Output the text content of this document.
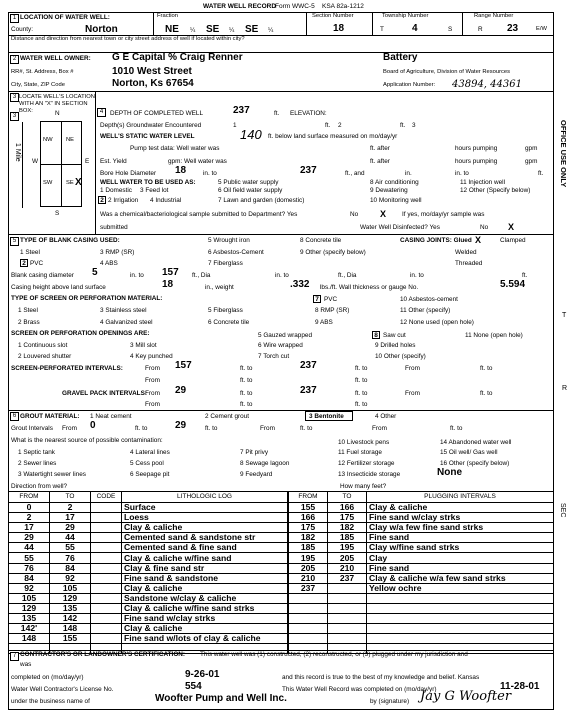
WATER WELL RECORD
Form WWC-5 KSA 82a-1212
1 LOCATION OF WATER WELL:
County:	Norton
Fraction
NE ¼ SE ¼ SE ¼
Section Number
18
Township Number
T	4	S
Range Number
R 23	E/W
Distance and direction from nearest town or city street address of well if located within city?
2 WATER WELL OWNER: G E Capital % Craig Renner	Battery
RR#, St. Address, Box #	1010 West Street	Board of Agriculture, Division of Water Resources
City, State, ZIP Code	Norton, Ks 67654	Application Number: 43894, 44361
3 LOCATE WELL'S LOCATION WITH AN "X" IN SECTION BOX:
3	N
S
W	E
1 Mile
NW NE
SW SE X
4	DEPTH OF COMPLETED WELL	237	ft. ELEVATION:
Depth(s) Groundwater Encountered	1	ft. 2	ft. 3
WELL'S STATIC WATER LEVEL	140 ft. below land surface measured on mo/day/yr
Pump test data: Well water was	ft. after	hours pumping	gpm
Est. Yield	gpm: Well water was	ft. after	hours pumping	gpm
Bore Hole Diameter 18	in. to	237	ft., and	in.	in. to	ft.
WELL WATER TO BE USED AS:
1 Domestic 3 Feed lot
5 Public water supply
6 Oil field water supply
8 Air conditioning
9 Dewatering
11 Injection well
12 Other (Specify below)
2 2 Irrigation 4 Industrial	7 Lawn and garden (domestic)	10 Monitoring well
Was a chemical/bacteriological sample submitted to Department? Yes	No X If yes, mo/day/yr sample was
submitted	Water Well Disinfected? Yes	No X
5 TYPE OF BLANK CASING USED:
1 Steel	3 RMP (SR)
2 PVC	4 ABS
5 Wrought iron
6 Asbestos-Cement
7 Fiberglass
8 Concrete tile
9 Other (specify below)
CASING JOINTS: Glued X	Clamped
Welded
Threaded
Blank casing diameter 5	in. to 157 ft., Dia	in. to	ft., Dia	in. to	ft.
Casing height above land surface	18	in., weight	.332 lbs./ft. Wall thickness or gauge No.	5.594
TYPE OF SCREEN OR PERFORATION MATERIAL:
1 Steel
2 Brass
3 Stainless steel
4 Galvanized steel
5 Fiberglass
6 Concrete tile
7 PVC
8 RMP (SR)
9 ABS
10 Asbestos-cement
11 Other (specify)
12 None used (open hole)
SCREEN OR PERFORATION OPENINGS ARE:
1 Continuous slot
2 Louvered shutter
3 Mill slot
4 Key punched
5 Gauzed wrapped
6 Wire wrapped
7 Torch cut
8 Saw cut
9 Drilled holes
10 Other (specify)
11 None (open hole)
SCREEN-PERFORATED INTERVALS:	From 157	ft. to	237	ft. to	From	ft. to
From	ft. to	ft. to
GRAVEL PACK INTERVALS:
From 29	ft. to	237	ft. to	From	ft. to
From	ft. to	ft. to
6 GROUT MATERIAL: 1 Neat cement	2 Cement grout	3 Bentonite	4 Other
Grout Intervals From 0	ft. to	29	ft. to	From	ft. to	From	ft. to
What is the nearest source of possible contamination:
1 Septic tank
2 Sewer lines
3 Watertight sewer lines
4 Lateral lines
5 Cess pool
6 Seepage pit
7 Pit privy
8 Sewage lagoon
9 Feedyard
10 Livestock pens
11 Fuel storage
12 Fertilizer storage
13 Insecticide storage
14 Abandoned water well
15 Oil well/ Gas well
16 Other (specify below)
None
Direction from well?	How many feet?
FROM	TO	CODE	LITHOLOGIC LOG
0	2		Surface
2	17		Loess
17	29		Clay & caliche
29	44		Cemented sand & sandstone str
44	55		Cemented sand & fine sand
55	76		Clay & caliche w/fine sand
76	84		Clay & fine sand str
84	92		Fine sand & sandstone
92	105		Clay & caliche
105	129		Sandstone w/clay & caliche
129	135		Clay & caliche w/fine sand strks
135	142		Fine sand w/clay strks
142'	148		Clay & caliche
148	155		Fine sand w/lots of clay & caliche

FROM	TO	PLUGGING INTERVALS
155	166	Clay & caliche
166	175	Fine sand w/clay strks
175	182	Clay w/a few fine sand strks
182	185	Fine sand
185	195	Clay w/fine sand strks
195	205	Clay
205	210	Fine sand
210	237	Clay & caliche w/a few sand strks
237		Yellow ochre

7 CONTRACTOR'S OR LANDOWNER'S CERTIFICATION: This water well was (1) constructed, (2) reconstructed, or (3) plugged under my jurisdiction and
was
completed on (mo/day/yr)	9-26-01	and this record is true to the best of my knowledge and belief. Kansas
Water Well Contractor's License No.	554	This Water Well Record was completed on (mo/day/yr)	11-28-01
under the business name of	Woofter Pump and Well Inc.	by (signature) Jay G Woofter
OFFICE USE ONLY
T
R
SEC
